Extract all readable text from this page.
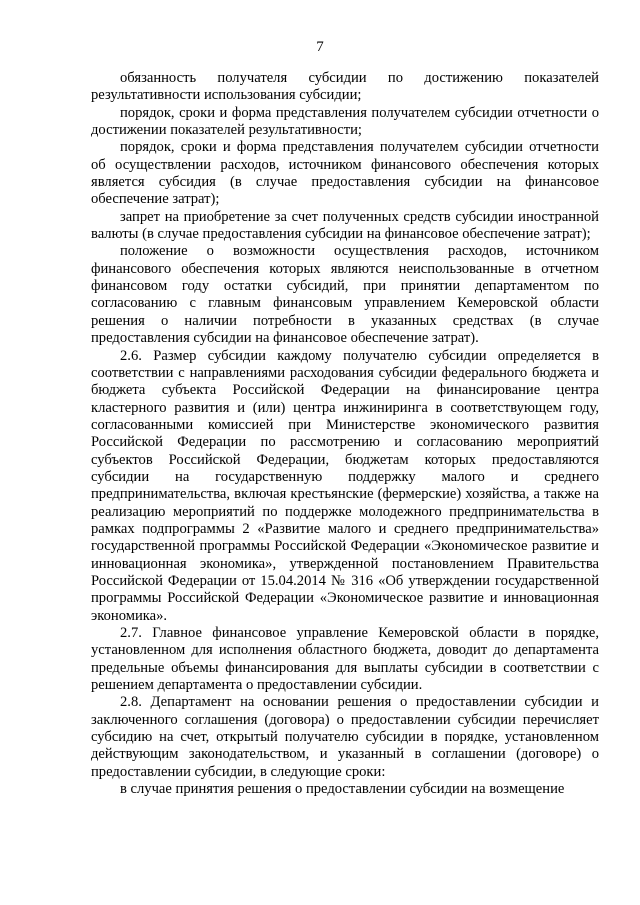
7

обязанность получателя субсидии по достижению показателей результативности использования субсидии;

порядок, сроки и форма представления получателем субсидии отчетности о достижении показателей результативности;

порядок, сроки и форма представления получателем субсидии отчетности об осуществлении расходов, источником финансового обеспечения которых является субсидия (в случае предоставления субсидии на финансовое обеспечение затрат);

запрет на приобретение за счет полученных средств субсидии иностранной валюты (в случае предоставления субсидии на финансовое обеспечение затрат);

положение о возможности осуществления расходов, источником финансового обеспечения которых являются неиспользованные в отчетном финансовом году остатки субсидий, при принятии департаментом по согласованию с главным финансовым управлением Кемеровской области решения о наличии потребности в указанных средствах (в случае предоставления субсидии на финансовое обеспечение затрат).

2.6. Размер субсидии каждому получателю субсидии определяется в соответствии с направлениями расходования субсидии федерального бюджета и бюджета субъекта Российской Федерации на финансирование центра кластерного развития и (или) центра инжиниринга в соответствующем году, согласованными комиссией при Министерстве экономического развития Российской Федерации по рассмотрению и согласованию мероприятий субъектов Российской Федерации, бюджетам которых предоставляются субсидии на государственную поддержку малого и среднего предпринимательства, включая крестьянские (фермерские) хозяйства, а также на реализацию мероприятий по поддержке молодежного предпринимательства в рамках подпрограммы 2 «Развитие малого и среднего предпринимательства» государственной программы Российской Федерации «Экономическое развитие и инновационная экономика», утвержденной постановлением Правительства Российской Федерации от 15.04.2014 № 316 «Об утверждении государственной программы Российской Федерации «Экономическое развитие и инновационная экономика».

2.7. Главное финансовое управление Кемеровской области в порядке, установленном для исполнения областного бюджета, доводит до департамента предельные объемы финансирования для выплаты субсидии в соответствии с решением департамента о предоставлении субсидии.

2.8. Департамент на основании решения о предоставлении субсидии и заключенного соглашения (договора) о предоставлении субсидии перечисляет субсидию на счет, открытый получателю субсидии в порядке, установленном действующим законодательством, и указанный в соглашении (договоре) о предоставлении субсидии, в следующие сроки:

в случае принятия решения о предоставлении субсидии на возмещение
